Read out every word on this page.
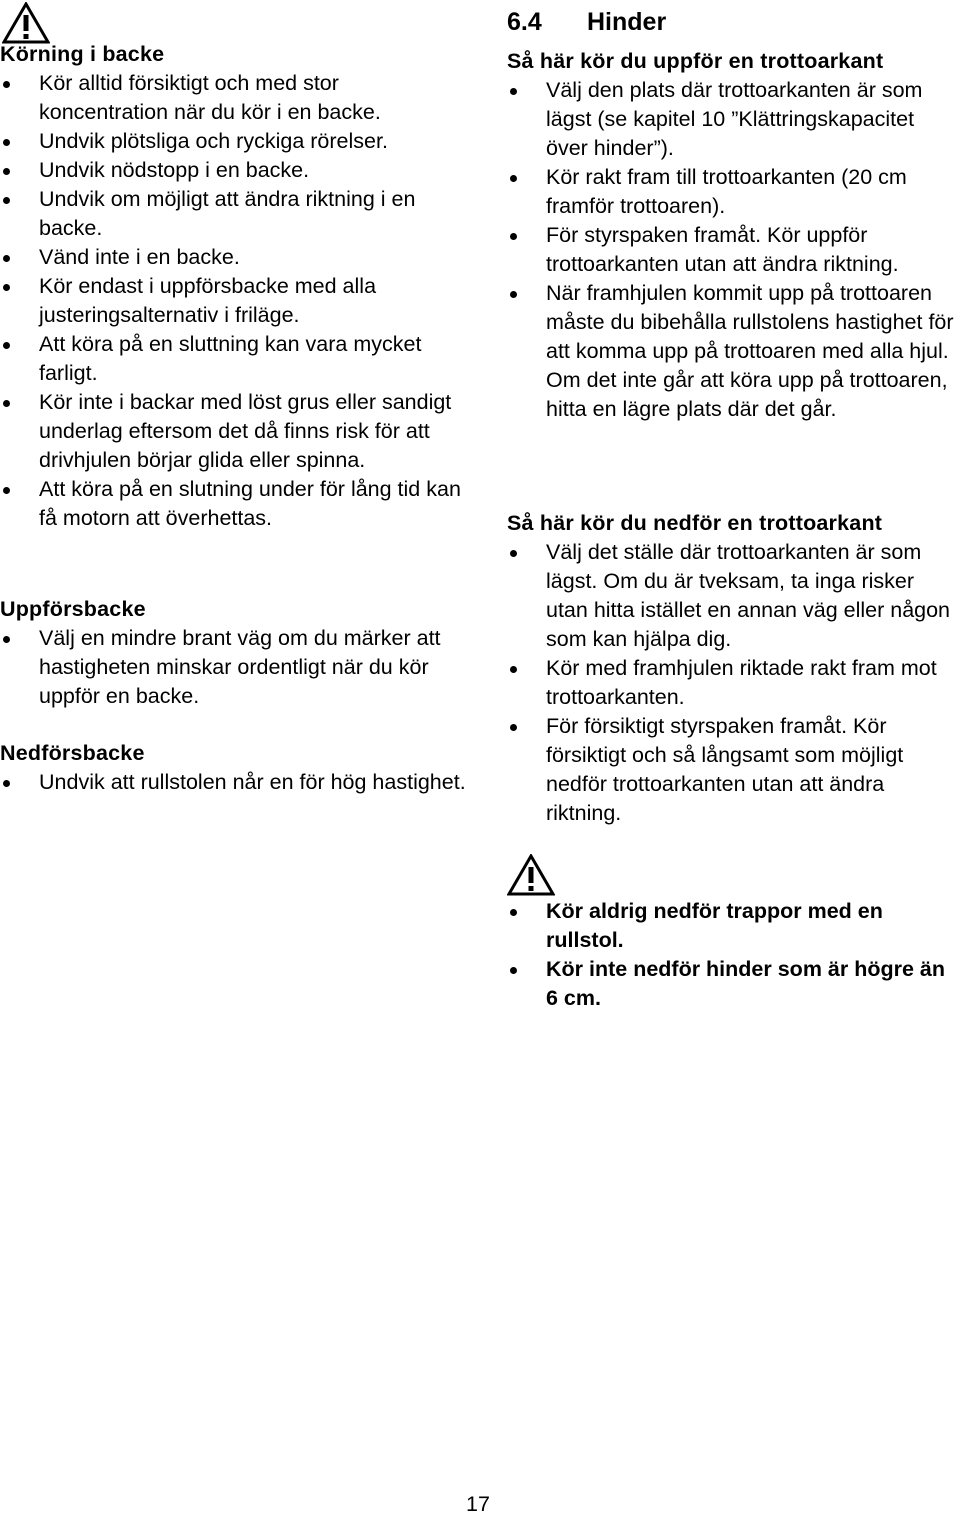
Körning i backe
Kör alltid försiktigt och med stor koncentration när du kör i en backe.
Undvik plötsliga och ryckiga rörelser.
Undvik nödstopp i en backe.
Undvik om möjligt att ändra riktning i en backe.
Vänd inte i en backe.
Kör endast i uppförsbacke med alla justeringsalternativ i friläge.
Att köra på en sluttning kan vara mycket farligt.
Kör inte i backar med löst grus eller sandigt underlag eftersom det då finns risk för att drivhjulen börjar glida eller spinna.
Att köra på en slutning under för lång tid kan få motorn att överhettas.
Uppförsbacke
Välj en mindre brant väg om du märker att hastigheten minskar ordentligt när du kör uppför en backe.
Nedförsbacke
Undvik att rullstolen når en för hög hastighet.
6.4 Hinder
Så här kör du uppför en trottoarkant
Välj den plats där trottoarkanten är som lägst (se kapitel 10 ”Klättringskapacitet över hinder”).
Kör rakt fram till trottoarkanten (20 cm framför trottoaren).
För styrspaken framåt. Kör uppför trottoarkanten utan att ändra riktning.
När framhjulen kommit upp på trottoaren måste du bibehålla rullstolens hastighet för att komma upp på trottoaren med alla hjul. Om det inte går att köra upp på trottoaren, hitta en lägre plats där det går.
Så här kör du nedför en trottoarkant
Välj det ställe där trottoarkanten är som lägst. Om du är tveksam, ta inga risker utan hitta istället en annan väg eller någon som kan hjälpa dig.
Kör med framhjulen riktade rakt fram mot trottoarkanten.
För försiktigt styrspaken framåt. Kör försiktigt och så långsamt som möjligt nedför trottoarkanten utan att ändra riktning.
Kör aldrig nedför trappor med en rullstol.
Kör inte nedför hinder som är högre än 6 cm.
17
